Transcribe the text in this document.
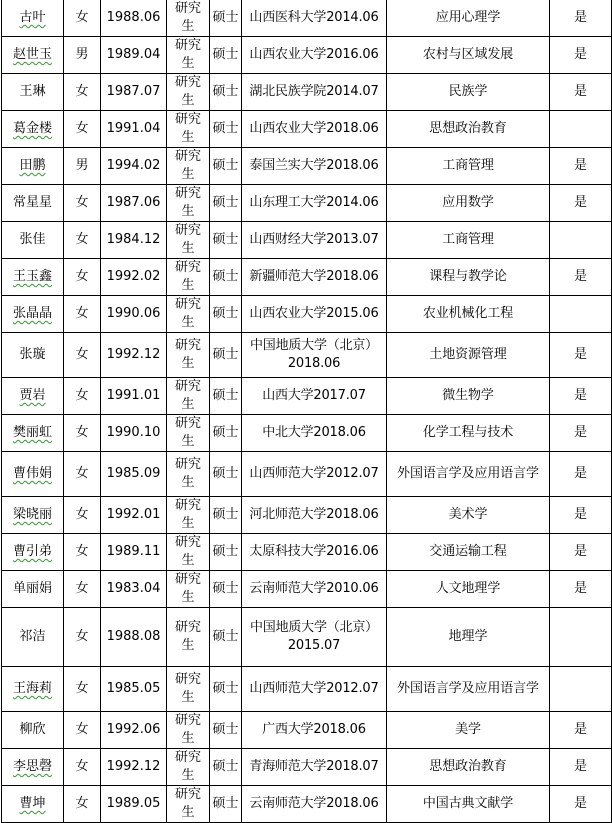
古叶	女	1988.06	研究生	硕士	山西医科大学2014.06	应用心理学	是
赵世玉	男	1989.04	研究生	硕士	山西农业大学2016.06	农村与区域发展	是
王琳	女	1987.07	研究生	硕士	湖北民族学院2014.07	民族学	是
葛金楼	女	1991.04	研究生	硕士	山西农业大学2018.06	思想政治教育	
田鹏	男	1994.02	研究生	硕士	泰国兰实大学2018.06	工商管理	是
常星星	女	1987.06	研究生	硕士	山东理工大学2014.06	应用数学	是
张佳	女	1984.12	研究生	硕士	山西财经大学2013.07	工商管理	
王玉鑫	女	1992.02	研究生	硕士	新疆师范大学2018.06	课程与教学论	是
张晶晶	女	1990.06	研究生	硕士	山西农业大学2015.06	农业机械化工程	
张璇	女	1992.12	研究生	硕士	中国地质大学（北京）2018.06	土地资源管理	是
贾岩	女	1991.01	研究生	硕士	山西大学2017.07	微生物学	是
樊丽虹	女	1990.10	研究生	硕士	中北大学2018.06	化学工程与技术	是
曹伟娟	女	1985.09	研究生	硕士	山西师范大学2012.07	外国语言学及应用语言学	是
梁晓丽	女	1992.01	研究生	硕士	河北师范大学2018.06	美术学	是
曹引弟	女	1989.11	研究生	硕士	太原科技大学2016.06	交通运输工程	是
单丽娟	女	1983.04	研究生	硕士	云南师范大学2010.06	人文地理学	是
祁洁	女	1988.08	研究生	硕士	中国地质大学（北京）2015.07	地理学	
王海莉	女	1985.05	研究生	硕士	山西师范大学2012.07	外国语言学及应用语言学	
柳欣	女	1992.06	研究生	硕士	广西大学2018.06	美学	是
李思磬	女	1992.12	研究生	硕士	青海师范大学2018.07	思想政治教育	是
曹坤	女	1989.05	研究生	硕士	云南师范大学2018.06	中国古典文献学	是
